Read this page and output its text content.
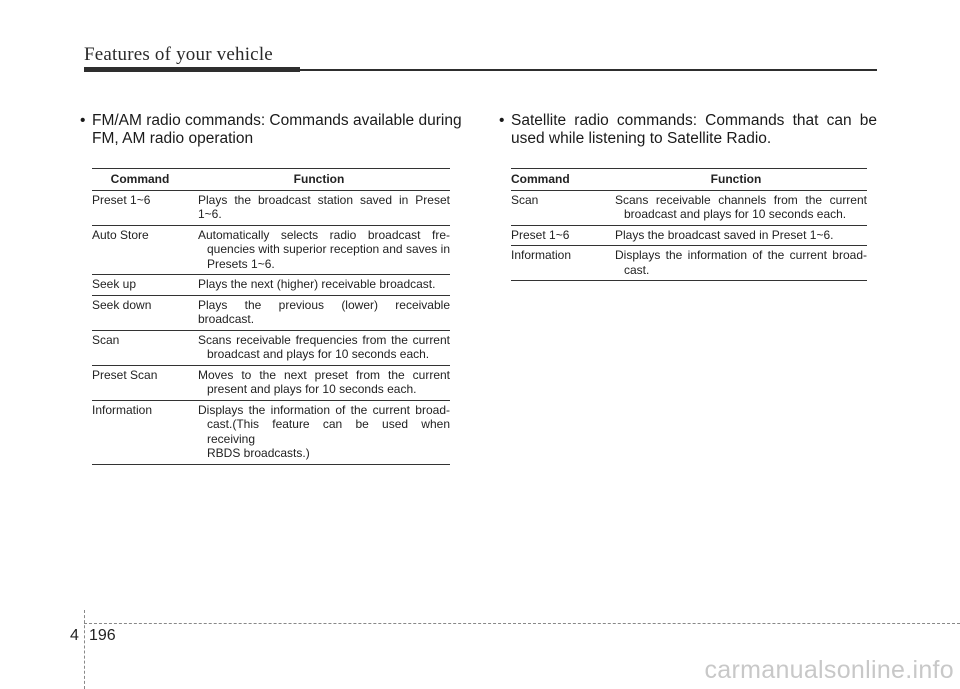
Features of your vehicle
• FM/AM radio commands: Commands available during
FM, AM radio operation
Command	Function
Preset 1~6	Plays the broadcast station saved in Preset 1~6.

Auto Store	Automatically selects radio broadcast fre-
quencies with superior reception and saves in
Presets 1~6.

Seek up	Plays the next (higher) receivable broadcast.

Seek down	Plays the previous (lower) receivable broadcast.

Scan	Scans receivable frequencies from the current
broadcast and plays for 10 seconds each.

Preset Scan	Moves to the next preset from the current
present and plays for 10 seconds each.

Information	Displays the information of the current broad-
cast.(This feature can be used when receiving
RBDS broadcasts.)
• Satellite radio commands: Commands that can be
used while listening to Satellite Radio.
Command	Function
Scan	Scans receivable channels from the current
broadcast and plays for 10 seconds each.

Preset 1~6	Plays the broadcast saved in Preset 1~6.

Information	Displays the information of the current broad-
cast.
4 196
carmanualsonline.info
